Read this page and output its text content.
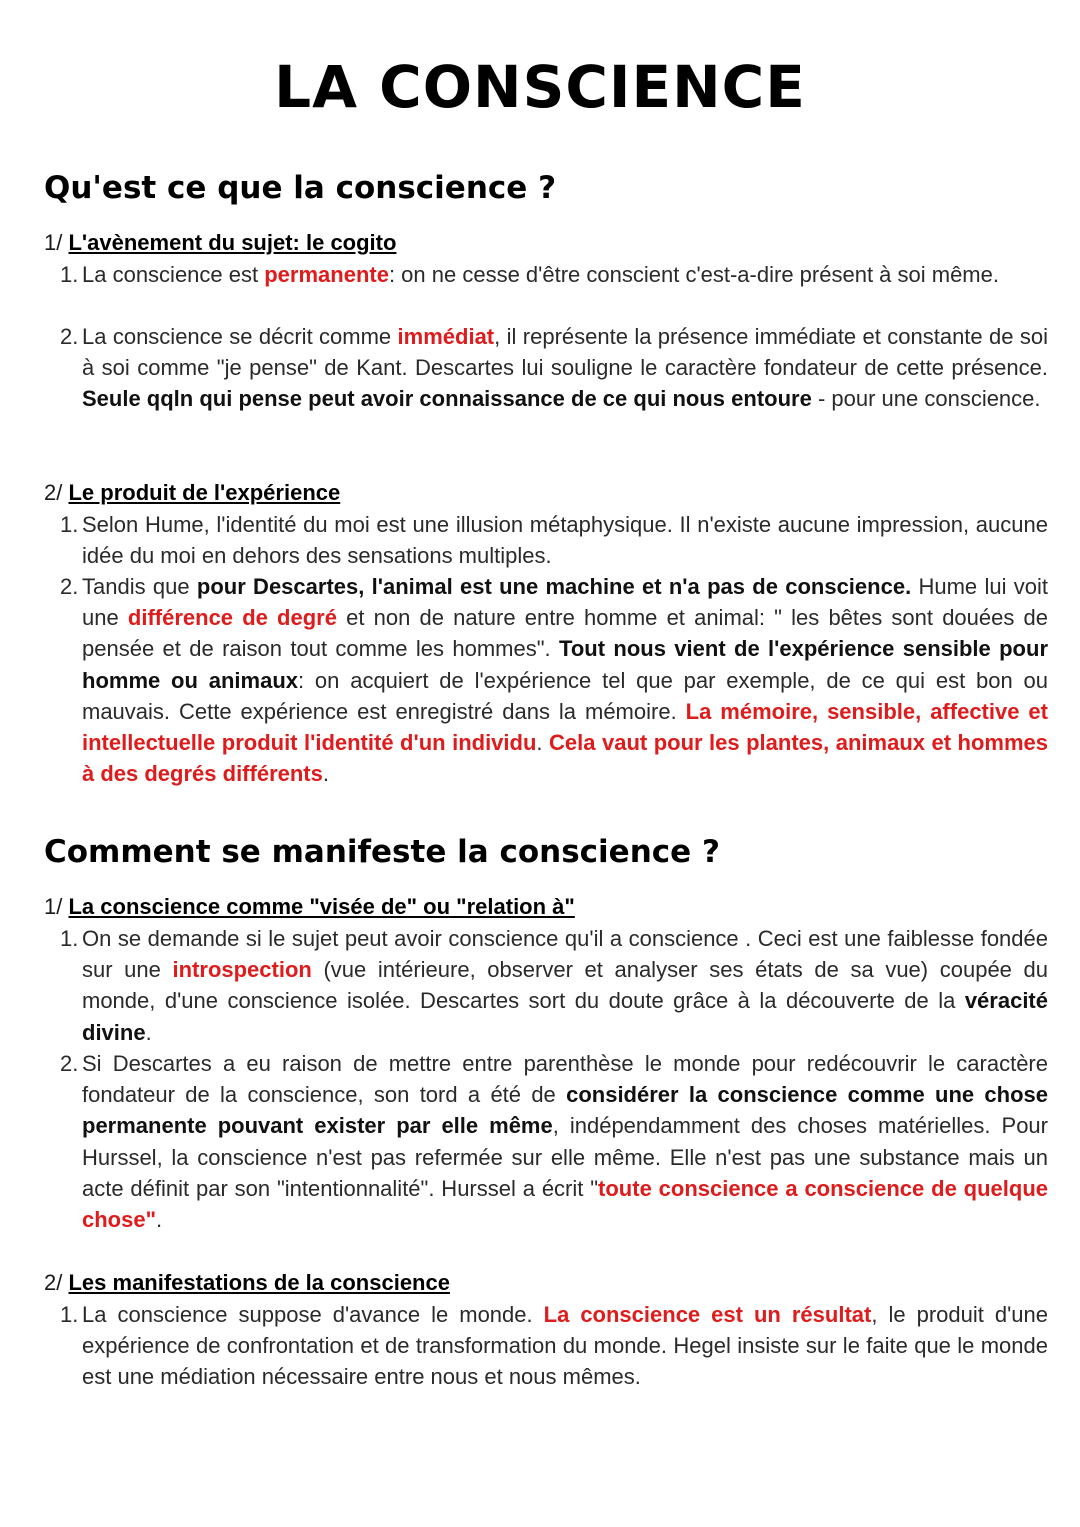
LA CONSCIENCE
Qu'est ce que la conscience ?
1/ L'avènement du sujet: le cogito
1. La conscience est permanente: on ne cesse d'être conscient c'est-a-dire présent à soi même.
2. La conscience se décrit comme immédiat, il représente la présence immédiate et constante de soi à soi comme "je pense" de Kant. Descartes lui souligne le caractère fondateur de cette présence. Seule qqln qui pense peut avoir connaissance de ce qui nous entoure - pour une conscience.
2/ Le produit de l'expérience
1. Selon Hume, l'identité du moi est une illusion métaphysique. Il n'existe aucune impression, aucune idée du moi en dehors des sensations multiples.
2. Tandis que pour Descartes, l'animal est une machine et n'a pas de conscience. Hume lui voit une différence de degré et non de nature entre homme et animal: " les bêtes sont douées de pensée et de raison tout comme les hommes". Tout nous vient de l'expérience sensible pour homme ou animaux: on acquiert de l'expérience tel que par exemple, de ce qui est bon ou mauvais. Cette expérience est enregistré dans la mémoire. La mémoire, sensible, affective et intellectuelle produit l'identité d'un individu. Cela vaut pour les plantes, animaux et hommes à des degrés différents.
Comment se manifeste la conscience ?
1/ La conscience comme "visée de" ou "relation à"
1. On se demande si le sujet peut avoir conscience qu'il a conscience . Ceci est une faiblesse fondée sur une introspection (vue intérieure, observer et analyser ses états de sa vue) coupée du monde, d'une conscience isolée. Descartes sort du doute grâce à la découverte de la véracité divine.
2. Si Descartes a eu raison de mettre entre parenthèse le monde pour redécouvrir le caractère fondateur de la conscience, son tord a été de considérer la conscience comme une chose permanente pouvant exister par elle même, indépendamment des choses matérielles. Pour Hurssel, la conscience n'est pas refermée sur elle même. Elle n'est pas une substance mais un acte définit par son "intentionnalité". Hurssel a écrit "toute conscience a conscience de quelque chose".
2/ Les manifestations de la conscience
1. La conscience suppose d'avance le monde. La conscience est un résultat, le produit d'une expérience de confrontation et de transformation du monde. Hegel insiste sur le faite que le monde est une médiation nécessaire entre nous et nous mêmes.
